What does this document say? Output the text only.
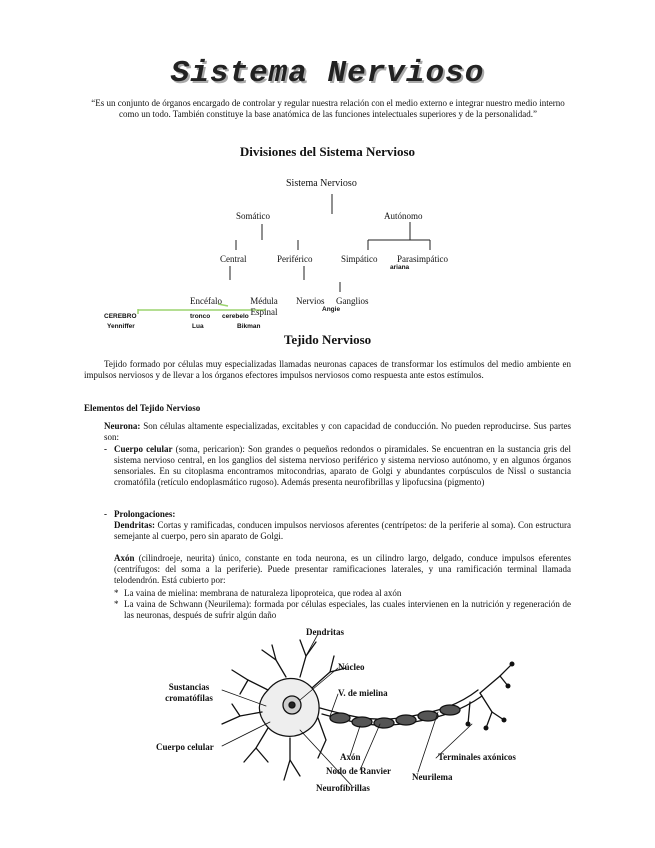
Sistema Nervioso
“Es un conjunto de órganos encargado de controlar y regular nuestra relación con el medio externo e integrar nuestro medio interno como un todo. También constituye la base anatómica de las funciones intelectuales superiores y de la personalidad.”
Divisiones del Sistema Nervioso
Sistema Nervioso
Somático	Autónomo
Central	Periférico	Simpático Parasimpático
ariana
Encéfalo	Médula Espinal
Nervios Ganglios
Angie
CEREBRO
Yenniffer
tronco cerebelo
Lua	Bikman
Tejido Nervioso
Tejido formado por células muy especializadas llamadas neuronas capaces de transformar los estímulos del medio ambiente en impulsos nerviosos y de llevar a los órganos efectores impulsos nerviosos como respuesta ante estos estímulos.
Elementos del Tejido Nervioso
Neurona: Son células altamente especializadas, excitables y con capacidad de conducción. No pueden reproducirse. Sus partes son:
- Cuerpo celular (soma, pericarion): Son grandes o pequeños redondos o piramidales. Se encuentran en la sustancia gris del sistema nervioso central, en los ganglios del sistema nervioso periférico y sistema nervioso autónomo, y en algunos órganos sensoriales. En su citoplasma encontramos mitocondrias, aparato de Golgi y abundantes corpúsculos de Nissl o sustancia cromatófila (retículo endoplasmático rugoso). Además presenta neurofibrillas y lipofucsina (pigmento)
- Prolongaciones:
Dendritas: Cortas y ramificadas, conducen impulsos nerviosos aferentes (centrípetos: de la periferie al soma). Con estructura semejante al cuerpo, pero sin aparato de Golgi.
Axón (cilindroeje, neurita) único, constante en toda neurona, es un cilindro largo, delgado, conduce impulsos eferentes (centrífugos: del soma a la periferie). Puede presentar ramificaciones laterales, y una ramificación terminal llamada telodendrón. Está cubierto por:
* La vaina de mielina: membrana de naturaleza lipoproteica, que rodea al axón
* La vaina de Schwann (Neurilema): formada por células especiales, las cuales intervienen en la nutrición y regeneración de las neuronas, después de sufrir algún daño
Dendritas
Núcleo
V. de mielina
Sustancias cromatófilas
Cuerpo celular
Axón
Nodo de Ranvier
Neurofibrillas
Neurilema
Terminales axónicos
